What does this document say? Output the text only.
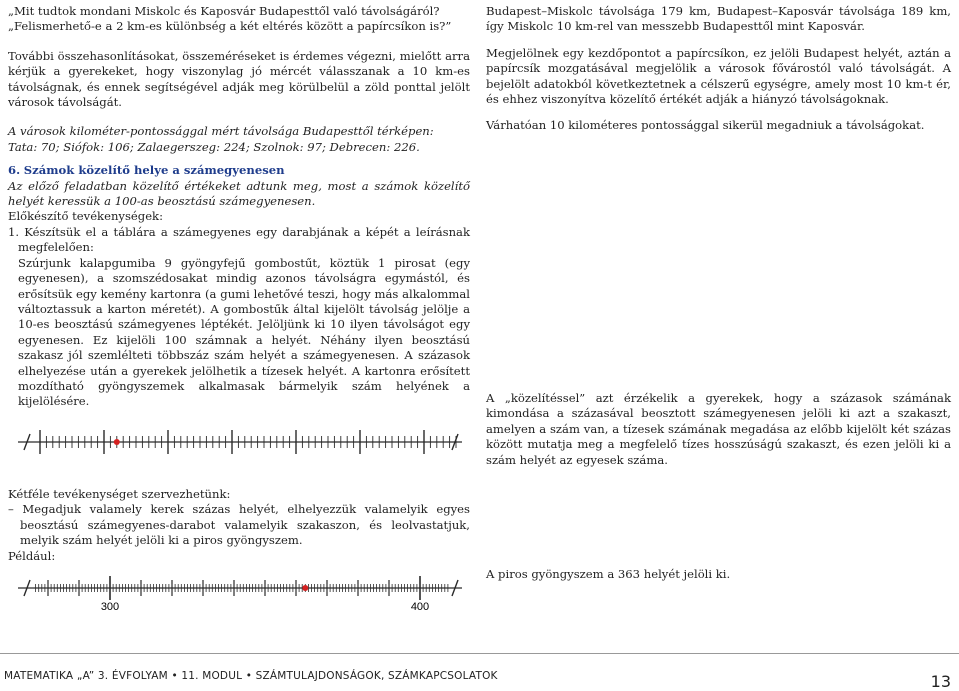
„Mit tudtok mondani Miskolc és Kaposvár Budapesttől való távolságáról?

„Felismerhető-e a 2 km-es különbség a két eltérés között a papírcsíkon is?”

További összehasonlításokat, összeméréseket is érdemes végezni, mielőtt arra kérjük a gyerekeket, hogy viszonylag jó mércét válasszanak a 10 km-es távolságnak, és ennek segítségével adják meg körülbelül a zöld ponttal jelölt városok távolságát.

A városok kilométer-pontossággal mért távolsága Budapesttől térképen:

Tata: 70; Siófok: 106; Zalaegerszeg: 224; Szolnok: 97; Debrecen: 226.

6. Számok közelítő helye a számegyenesen

Az előző feladatban közelítő értékeket adtunk meg, most a számok közelítő helyét keressük a 100-as beosztású számegyenesen.

Előkészítő tevékenységek:

1. Készítsük el a táblára a számegyenes egy darabjának a képét a leírásnak megfelelően:

Szúrjunk kalapgumiba 9 gyöngyfejű gombostűt, köztük 1 pirosat (egy egyenesen), a szomszédosakat mindig azonos távolságra egymástól, és erősítsük egy kemény kartonra (a gumi lehetővé teszi, hogy más alkalommal változtassuk a karton méretét). A gombostűk által kijelölt távolság jelölje a 10-es beosztású számegyenes léptékét. Jelöljünk ki 10 ilyen távolságot egy egyenesen. Ez kijelöli 100 számnak a helyét. Néhány ilyen beosztású szakasz jól szemlélteti többszáz szám helyét a számegyenesen. A százasok elhelyezése után a gyerekek jelölhetik a tízesek helyét. A kartonra erősített mozdítható gyöngyszemek alkalmasak bármelyik szám helyének a kijelölésére.

Kétféle tevékenységet szervezhetünk:

– Megadjuk valamely kerek százas helyét, elhelyezzük valamelyik egyes beosztású számegyenes-darabot valamelyik szakaszon, és leolvastatjuk, melyik szám helyét jelöli ki a piros gyöngyszem.

Például:

300	400

Budapest–Miskolc távolsága 179 km, Budapest–Kaposvár távolsága 189 km, így Miskolc 10 km-rel van messzebb Budapesttől mint Kaposvár.

Megjelölnek egy kezdőpontot a papírcsíkon, ez jelöli Budapest helyét, aztán a papírcsík mozgatásával megjelölik a városok fővárostól való távolságát. A bejelölt adatokból következtetnek a célszerű egységre, amely most 10 km-t ér, és ehhez viszonyítva közelítő értékét adják a hiányzó távolságoknak.

Várhatóan 10 kilométeres pontossággal sikerül megadniuk a távolságokat.

A „közelítéssel” azt érzékelik a gyerekek, hogy a százasok számának kimondása a százasával beosztott számegyenesen jelöli ki azt a szakaszt, amelyen a szám van, a tízesek számának megadása az előbb kijelölt két százas között mutatja meg a megfelelő tízes hosszúságú szakaszt, és ezen jelöli ki a szám helyét az egyesek száma.

A piros gyöngyszem a 363 helyét jelöli ki.

MATEMATIKA „A” 3. ÉVFOLYAM • 11. MODUL • SZÁMTULAJDONSÁGOK, SZÁMKAPCSOLATOK	13
